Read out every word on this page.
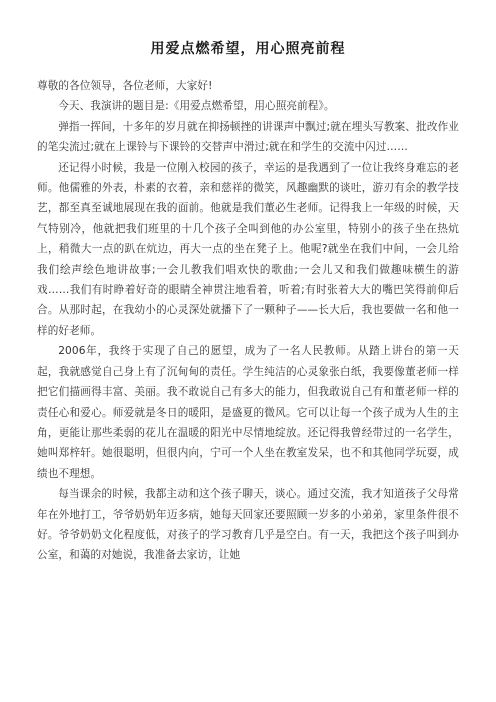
用爱点燃希望，用心照亮前程

尊敬的各位领导，各位老师，大家好!

今天、我演讲的题目是:《用爱点燃希望，用心照亮前程》。

弹指一挥间，十多年的岁月就在抑扬顿挫的讲课声中飘过;就在埋头写教案、批改作业的笔尖流过;就在上课铃与下课铃的交替声中滑过;就在和学生的交流中闪过……

还记得小时候，我是一位刚入校园的孩子，幸运的是我遇到了一位让我终身难忘的老师。他儒雅的外表，朴素的衣着，亲和慈祥的微笑，风趣幽默的谈吐，游刃有余的教学技艺，都至真至诚地展现在我的面前。他就是我们董必生老师。记得我上一年级的时候，天气特别冷，他就把我们班里的十几个孩子全叫到他的办公室里，特别小的孩子坐在热炕上，稍微大一点的趴在炕边，再大一点的坐在凳子上。他呢?就坐在我们中间，一会儿给我们绘声绘色地讲故事;一会儿教我们唱欢快的歌曲;一会儿又和我们做趣味横生的游戏……我们有时睁着好奇的眼睛全神贯注地看着，听着;有时张着大大的嘴巴笑得前仰后合。从那时起，在我幼小的心灵深处就播下了一颗种子——长大后，我也要做一名和他一样的好老师。

2006年，我终于实现了自己的愿望，成为了一名人民教师。从踏上讲台的第一天起，我就感觉自己身上有了沉甸甸的责任。学生纯洁的心灵象张白纸，我要像董老师一样把它们描画得丰富、美丽。我不敢说自己有多大的能力，但我敢说自己有和董老师一样的责任心和爱心。师爱就是冬日的暖阳，是盛夏的微风。它可以让每一个孩子成为人生的主角，更能让那些柔弱的花儿在温暖的阳光中尽情地绽放。还记得我曾经带过的一名学生，她叫郑梓轩。她很聪明，但很内向，宁可一个人坐在教室发呆，也不和其他同学玩耍，成绩也不理想。

每当课余的时候，我都主动和这个孩子聊天，谈心。通过交流，我才知道孩子父母常年在外地打工，爷爷奶奶年迈多病，她每天回家还要照顾一岁多的小弟弟，家里条件很不好。爷爷奶奶文化程度低，对孩子的学习教育几乎是空白。有一天，我把这个孩子叫到办公室，和蔼的对她说，我准备去家访，让她
